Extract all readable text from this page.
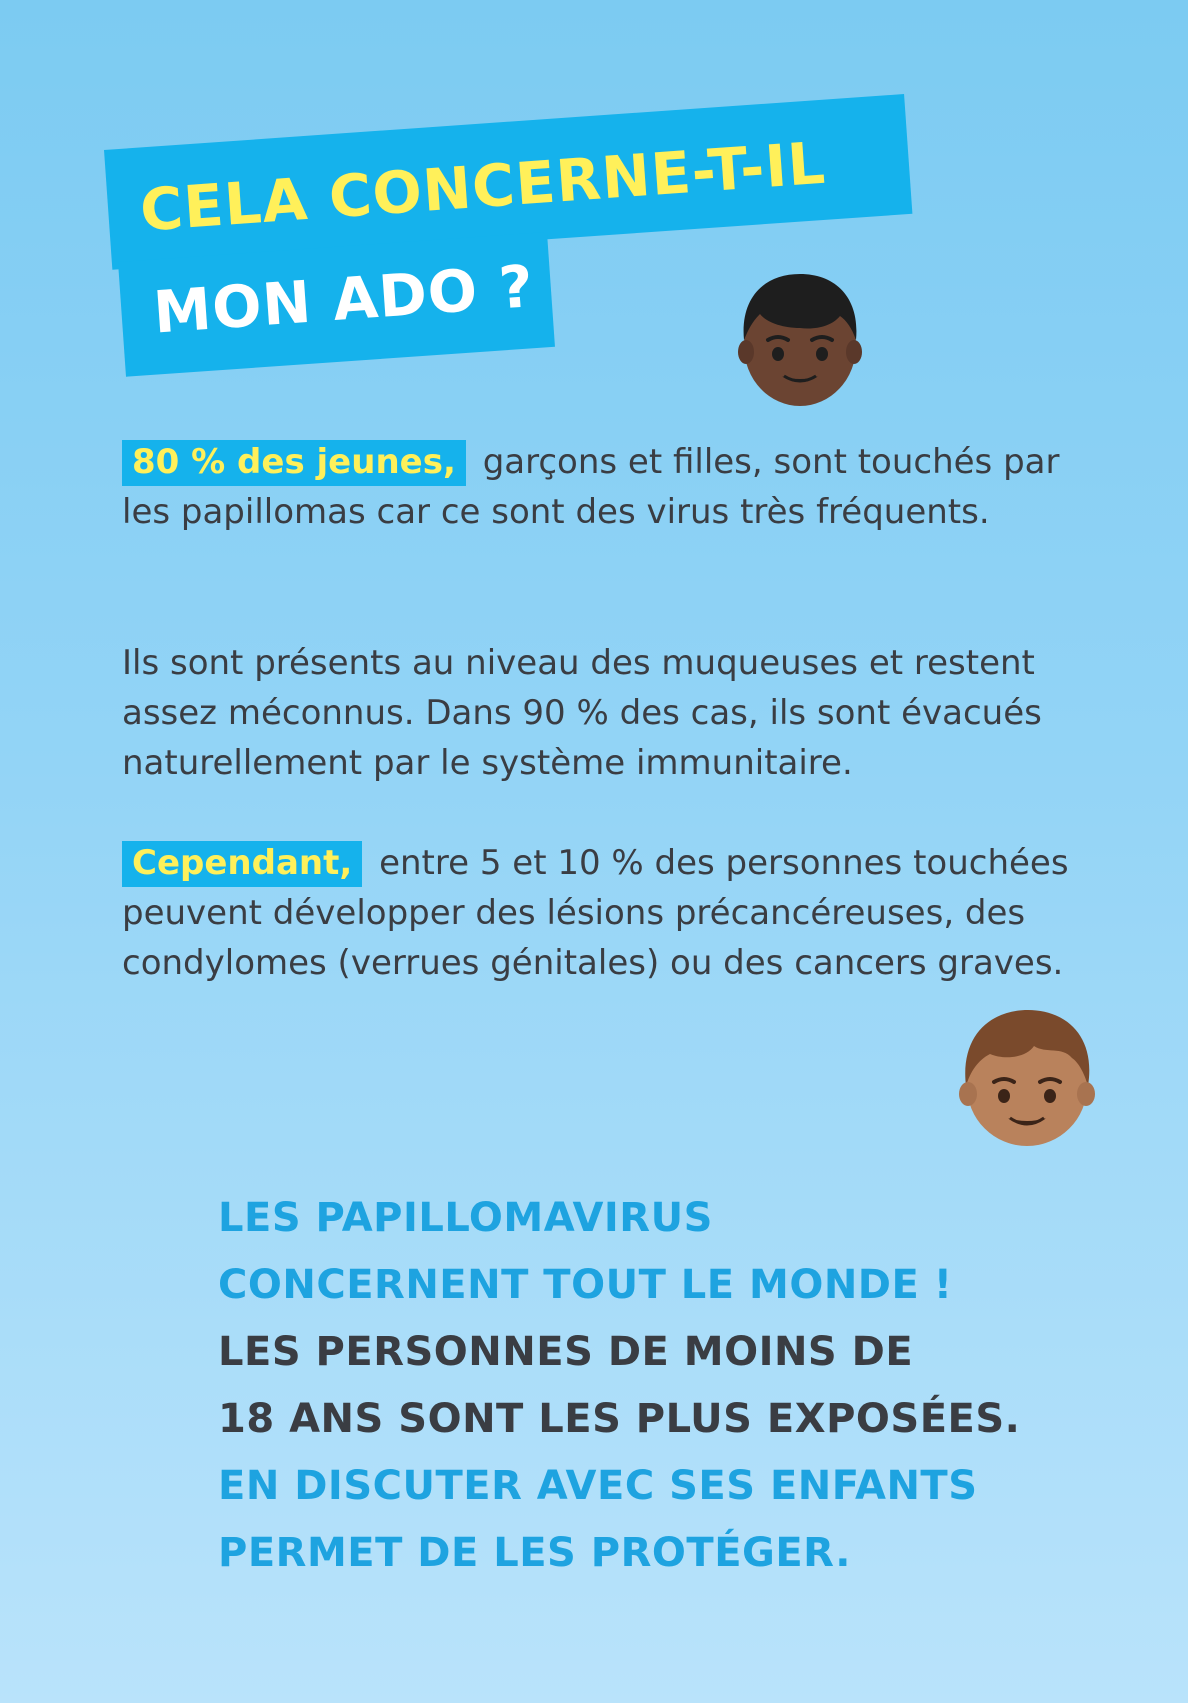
CELA CONCERNE-T-IL
MON ADO ?
80 % des jeunes, garçons et filles, sont touchés par les papillomas car ce sont des virus très fréquents.
Ils sont présents au niveau des muqueuses et restent assez méconnus. Dans 90 % des cas, ils sont évacués naturellement par le système immunitaire.
Cependant, entre 5 et 10 % des personnes touchées peuvent développer des lésions précancéreuses, des condylomes (verrues génitales) ou des cancers graves.
LES PAPILLOMAVIRUS
CONCERNENT TOUT LE MONDE !
LES PERSONNES DE MOINS DE
18 ANS SONT LES PLUS EXPOSÉES.
EN DISCUTER AVEC SES ENFANTS
PERMET DE LES PROTÉGER.
